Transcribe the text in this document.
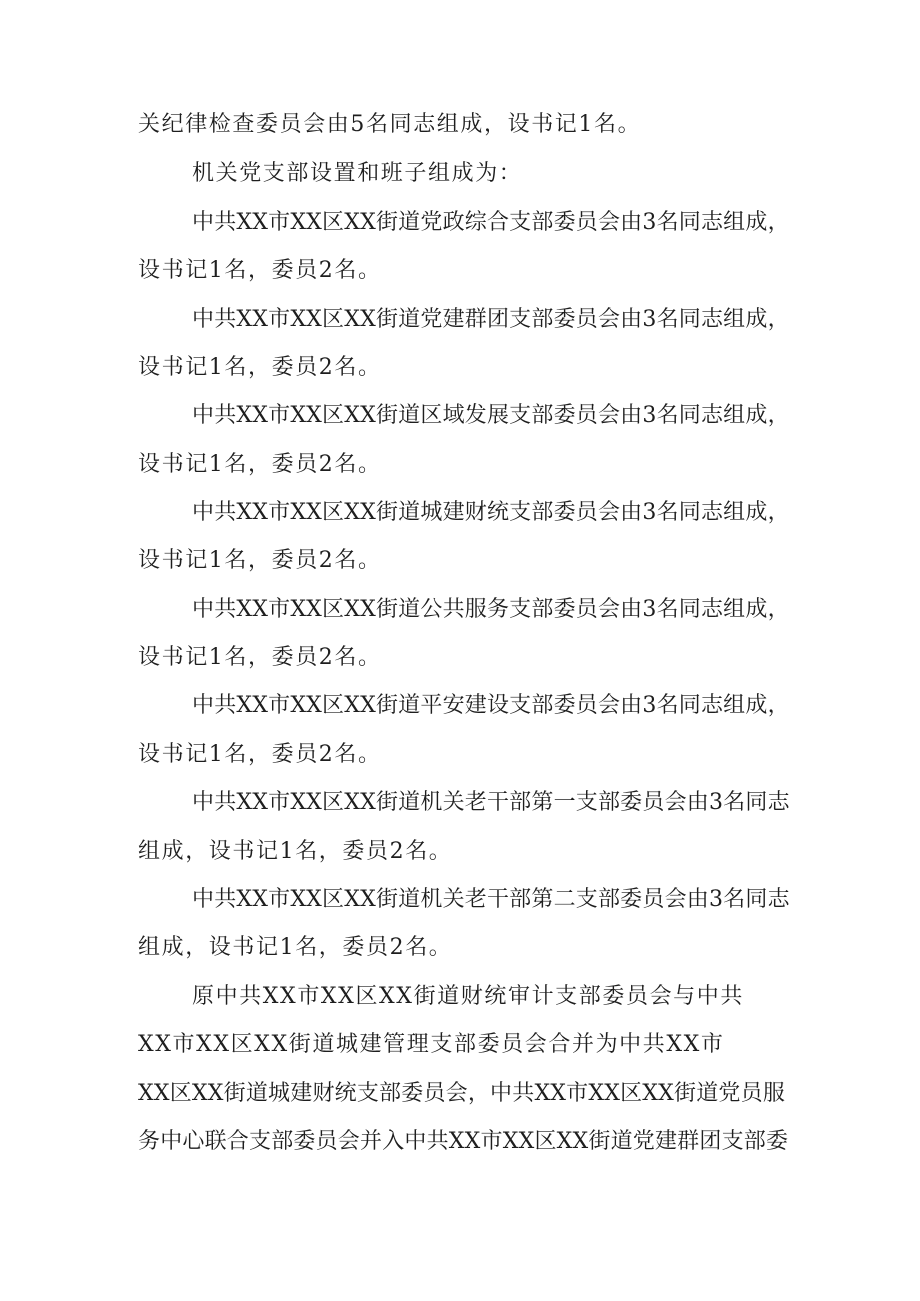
关纪律检查委员会由5名同志组成，设书记1名。

机关党支部设置和班子组成为：

中共XX市XX区XX街道党政综合支部委员会由3名同志组成，

设书记1名，委员2名。

中共XX市XX区XX街道党建群团支部委员会由3名同志组成，

设书记1名，委员2名。

中共XX市XX区XX街道区域发展支部委员会由3名同志组成，

设书记1名，委员2名。

中共XX市XX区XX街道城建财统支部委员会由3名同志组成，

设书记1名，委员2名。

中共XX市XX区XX街道公共服务支部委员会由3名同志组成，

设书记1名，委员2名。

中共XX市XX区XX街道平安建设支部委员会由3名同志组成，

设书记1名，委员2名。

中共XX市XX区XX街道机关老干部第一支部委员会由3名同志

组成，设书记1名，委员2名。

中共XX市XX区XX街道机关老干部第二支部委员会由3名同志

组成，设书记1名，委员2名。

原中共XX市XX区XX街道财统审计支部委员会与中共

XX市XX区XX街道城建管理支部委员会合并为中共XX市

XX区XX街道城建财统支部委员会，中共XX市XX区XX街道党员服

务中心联合支部委员会并入中共XX市XX区XX街道党建群团支部委
